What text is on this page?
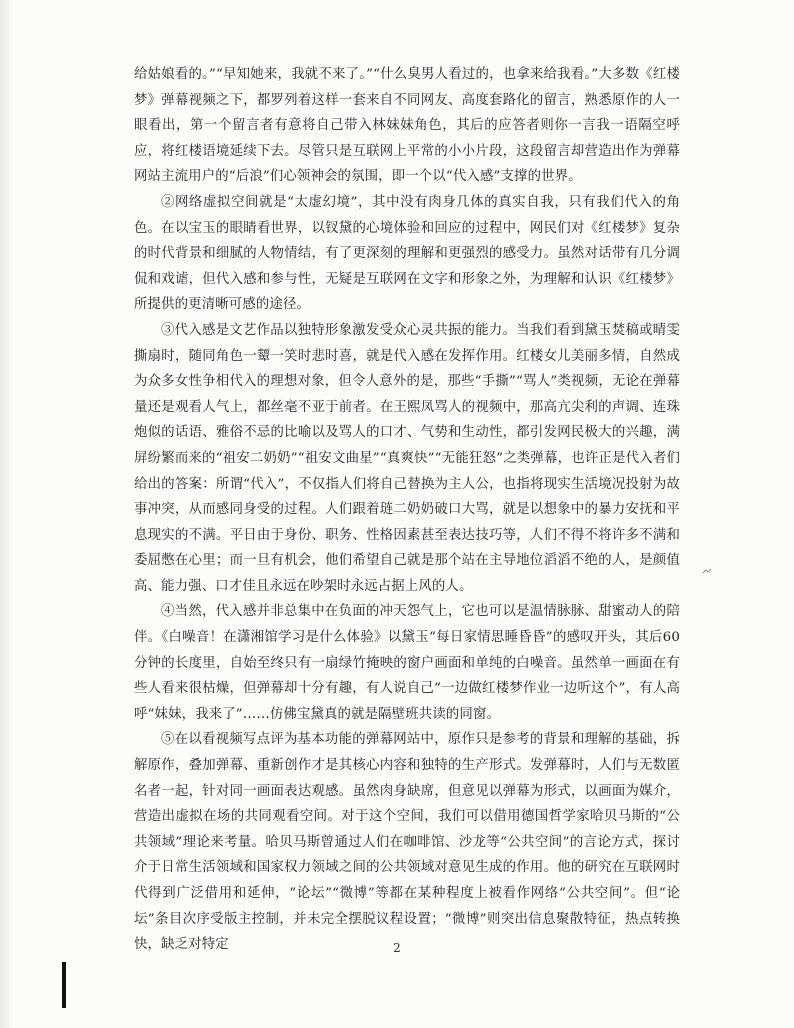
给姑娘看的。”“早知她来，我就不来了。”“什么臭男人看过的，也拿来给我看。”大多数《红楼梦》弹幕视频之下，都罗列着这样一套来自不同网友、高度套路化的留言，熟悉原作的人一眼看出，第一个留言者有意将自己带入林妹妹角色，其后的应答者则你一言我一语隔空呼应，将红楼语境延续下去。尽管只是互联网上平常的小小片段，这段留言却营造出作为弹幕网站主流用户的“后浪”们心领神会的氛围，即一个以“代入感”支撑的世界。

②网络虚拟空间就是“太虚幻境”，其中没有肉身几体的真实自我，只有我们代入的角色。在以宝玉的眼睛看世界，以钗黛的心境体验和回应的过程中，网民们对《红楼梦》复杂的时代背景和细腻的人物情结，有了更深刻的理解和更强烈的感受力。虽然对话带有几分调侃和戏谑，但代入感和参与性，无疑是互联网在文字和形象之外，为理解和认识《红楼梦》所提供的更清晰可感的途径。

③代入感是文艺作品以独特形象激发受众心灵共振的能力。当我们看到黛玉焚稿或晴雯撕扇时，随同角色一颦一笑时悲时喜，就是代入感在发挥作用。红楼女儿美丽多情，自然成为众多女性争相代入的理想对象，但令人意外的是，那些“手撕”“骂人”类视频，无论在弹幕量还是观看人气上，都丝毫不亚于前者。在王熙凤骂人的视频中，那高亢尖利的声调、连珠炮似的话语、雅俗不忌的比喻以及骂人的口才、气势和生动性，都引发网民极大的兴趣，满屏纷繁而来的“祖安二奶奶”“祖安文曲星”“真爽快”“无能狂怒”之类弹幕，也许正是代入者们给出的答案：所谓“代入”，不仅指人们将自己替换为主人公，也指将现实生活境况投射为故事冲突，从而感同身受的过程。人们跟着琏二奶奶破口大骂，就是以想象中的暴力安抚和平息现实的不满。平日由于身份、职务、性格因素甚至表达技巧等，人们不得不将许多不满和委屈憋在心里；而一旦有机会，他们希望自己就是那个站在主导地位滔滔不绝的人，是颜值高、能力强、口才佳且永远在吵架时永远占据上风的人。

④当然，代入感并非总集中在负面的冲天怨气上，它也可以是温情脉脉、甜蜜动人的陪伴。《白噪音！在潇湘馆学习是什么体验》以黛玉“每日家情思睡昏昏”的感叹开头，其后60分钟的长度里，自始至终只有一扇绿竹掩映的窗户画面和单纯的白噪音。虽然单一画面在有些人看来很枯燥，但弹幕却十分有趣，有人说自己“一边做红楼梦作业一边听这个”，有人高呼“妹妹，我来了”……仿佛宝黛真的就是隔壁班共读的同窗。

⑤在以看视频写点评为基本功能的弹幕网站中，原作只是参考的背景和理解的基础，拆解原作，叠加弹幕、重新创作才是其核心内容和独特的生产形式。发弹幕时，人们与无数匿名者一起，针对同一画面表达观感。虽然肉身缺席，但意见以弹幕为形式，以画面为媒介，营造出虚拟在场的共同观看空间。对于这个空间，我们可以借用德国哲学家哈贝马斯的“公共领域”理论来考量。哈贝马斯曾通过人们在咖啡馆、沙龙等“公共空间”的言论方式，探讨介于日常生活领域和国家权力领域之间的公共领域对意见生成的作用。他的研究在互联网时代得到广泛借用和延伸，“论坛”“微博”等都在某种程度上被看作网络“公共空间”。但“论坛”条目次序受版主控制，并未完全摆脱议程设置；“微博”则突出信息聚散特征，热点转换快，缺乏对特定	2
